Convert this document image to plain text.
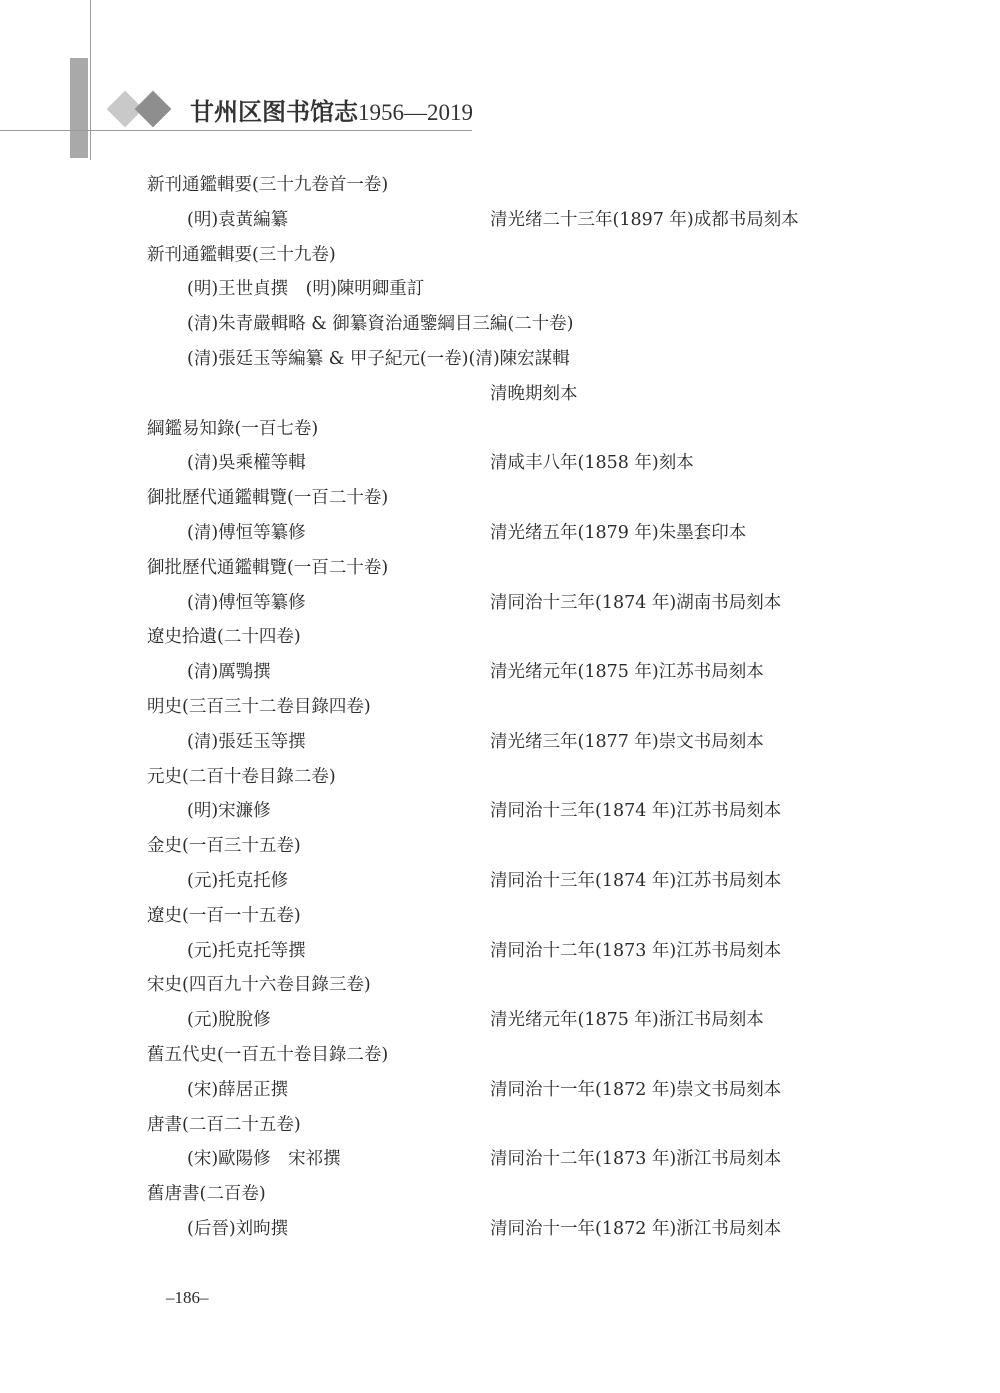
甘州区图书馆志1956—2019
新刊通鑑輯要(三十九卷首一卷)
(明)袁黃編纂	清光绪二十三年(1897 年)成都书局刻本
新刊通鑑輯要(三十九卷)
(明)王世貞撰　(明)陳明卿重訂
(清)朱青嚴輯略 & 御纂資治通鑒綱目三編(二十卷)
(清)張廷玉等編纂 & 甲子紀元(一卷)(清)陳宏謀輯
清晚期刻本
綱鑑易知錄(一百七卷)
(清)吳乘權等輯	清咸丰八年(1858 年)刻本
御批歷代通鑑輯覽(一百二十卷)
(清)傅恒等纂修	清光绪五年(1879 年)朱墨套印本
御批歷代通鑑輯覽(一百二十卷)
(清)傅恒等纂修	清同治十三年(1874 年)湖南书局刻本
遼史拾遺(二十四卷)
(清)厲鶚撰	清光绪元年(1875 年)江苏书局刻本
明史(三百三十二卷目錄四卷)
(清)張廷玉等撰	清光绪三年(1877 年)崇文书局刻本
元史(二百十卷目錄二卷)
(明)宋濂修	清同治十三年(1874 年)江苏书局刻本
金史(一百三十五卷)
(元)托克托修	清同治十三年(1874 年)江苏书局刻本
遼史(一百一十五卷)
(元)托克托等撰	清同治十二年(1873 年)江苏书局刻本
宋史(四百九十六卷目錄三卷)
(元)脫脫修	清光绪元年(1875 年)浙江书局刻本
舊五代史(一百五十卷目錄二卷)
(宋)薛居正撰	清同治十一年(1872 年)崇文书局刻本
唐書(二百二十五卷)
(宋)歐陽修　宋祁撰	清同治十二年(1873 年)浙江书局刻本
舊唐書(二百卷)
(后晉)刘昫撰	清同治十一年(1872 年)浙江书局刻本
–186–
